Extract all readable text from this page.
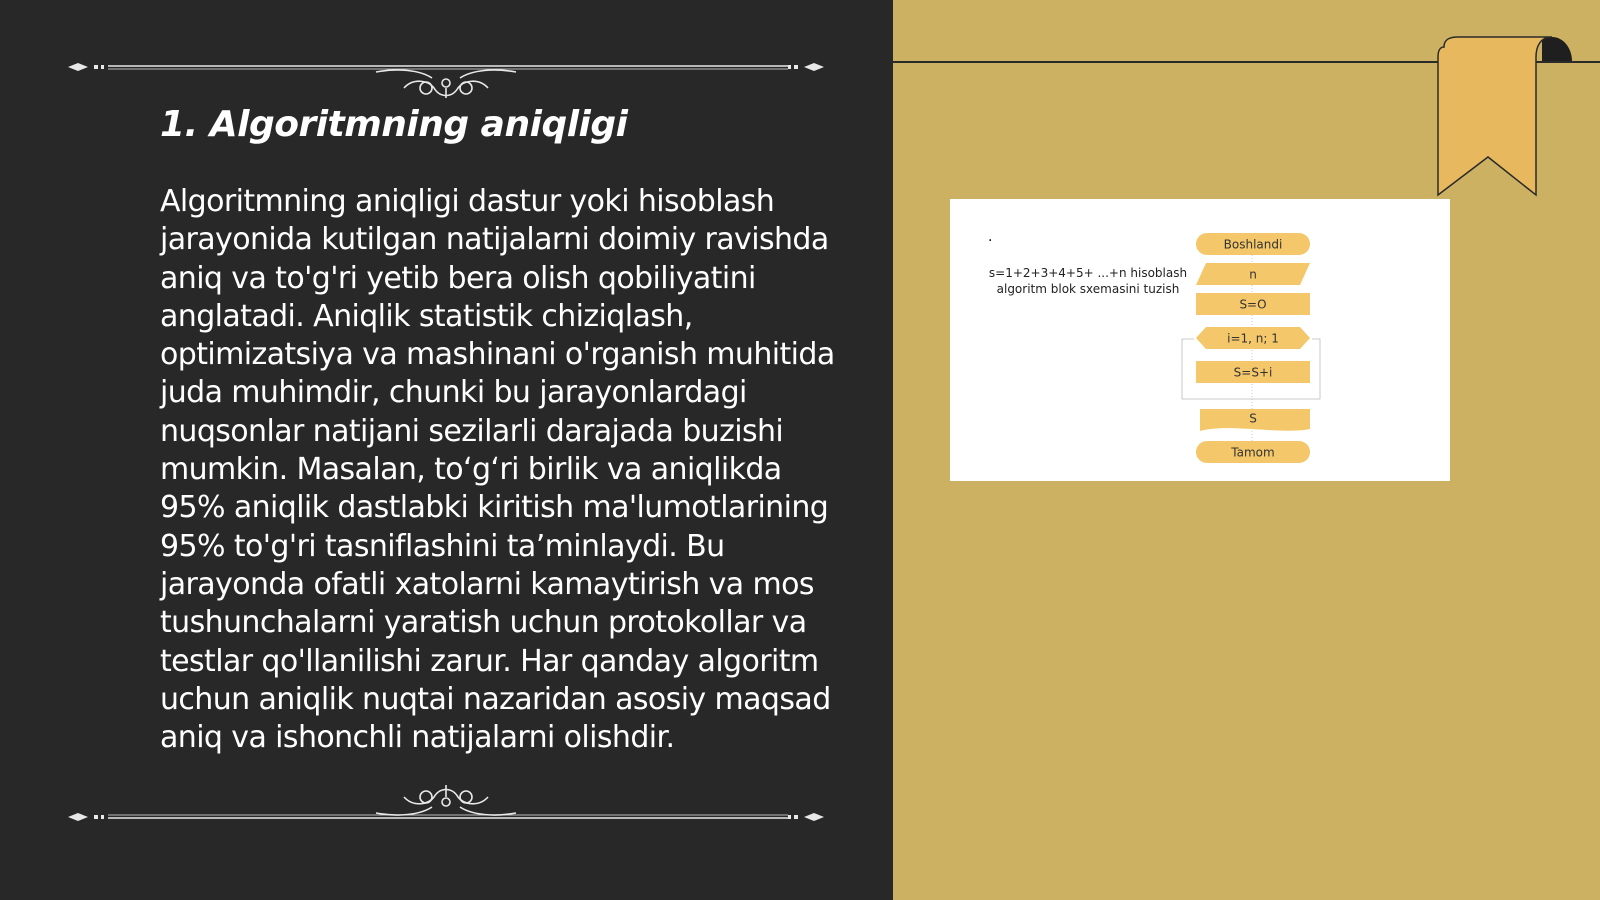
1. Algoritmning aniqligi

Algoritmning aniqligi dastur yoki hisoblash jarayonida kutilgan natijalarni doimiy ravishda aniq va to'g'ri yetib bera olish qobiliyatini anglatadi. Aniqlik statistik chiziqlash, optimizatsiya va mashinani o'rganish muhitida juda muhimdir, chunki bu jarayonlardagi nuqsonlar natijani sezilarli darajada buzishi mumkin. Masalan, to‘g‘ri birlik va aniqlikda 95% aniqlik dastlabki kiritish ma'lumotlarining 95% to'g'ri tasniflashini ta’minlaydi. Bu jarayonda ofatli xatolarni kamaytirish va mos tushunchalarni yaratish uchun protokollar va testlar qo'llanilishi zarur. Har qanday algoritm uchun aniqlik nuqtai nazaridan asosiy maqsad aniq va ishonchli natijalarni olishdir.

.
s=1+2+3+4+5+ ...+n hisoblash algoritm blok sxemasini tuzish
Boshlandi
n
S=O
i=1, n; 1
S=S+i
S
Tamom
